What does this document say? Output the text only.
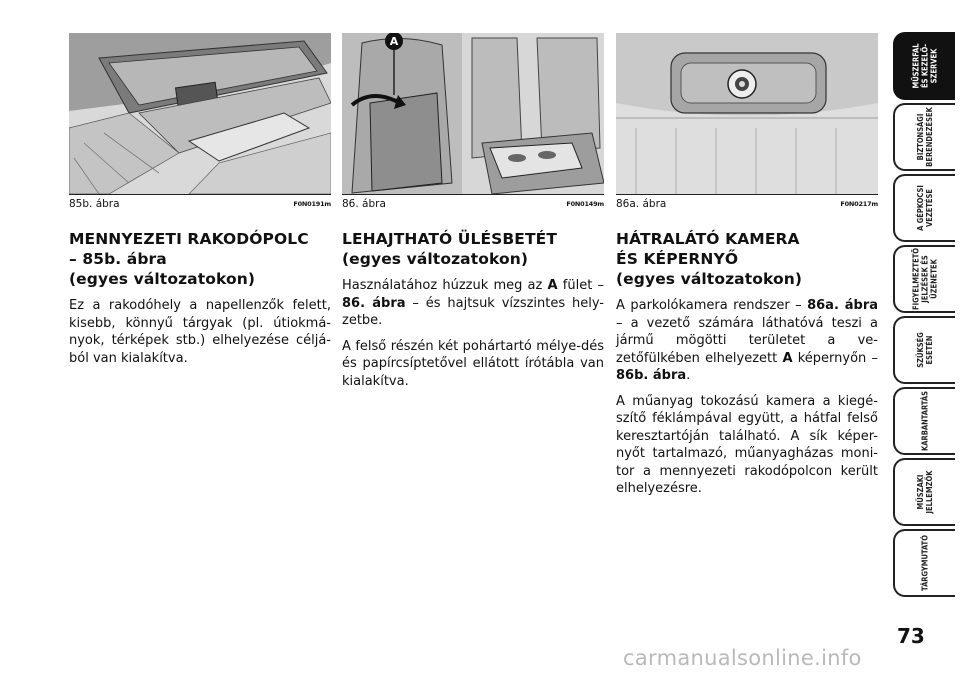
85b. ábra	F0N0191m
A
86. ábra	F0N0149m 86a. ábra	F0N0217m
MENNYEZETI RAKODÓPOLC
– 85b. ábra
(egyes változatokon)

Ez a rakodóhely a napellenzők felett, kisebb, könnyű tárgyak (pl. útiokmá-nyok, térképek stb.) elhelyezése céljá-ból van kialakítva.

LEHAJTHATÓ ÜLÉSBETÉT
(egyes változatokon)

Használatához húzzuk meg az A fület – 86. ábra – és hajtsuk vízszintes hely-zetbe.

A felső részén két pohártartó mélye-dés és papírcsíptetővel ellátott írótábla van kialakítva.

HÁTRALÁTÓ KAMERA
ÉS KÉPERNYŐ
(egyes változatokon)

A parkolókamera rendszer – 86a. ábra – a vezető számára láthatóvá teszi a jármű mögötti területet a ve-zetőfülkében elhelyezett A képernyőn – 86b. ábra.

A műanyag tokozású kamera a kiegé-szítő féklámpával együtt, a hátfal felső keresztartóján található. A sík képer-nyőt tartalmazó, műanyagházas moni-tor a mennyezeti rakodópolcon került elhelyezésre.

MŰSZERFAL
ÉS KEZELŐ-
SZERVEK
BIZTONSÁGI
BERENDEZÉSEK
A GÉPKOCSI
VEZETÉSE
FIGYELMEZTETŐ
JELZÉSEK ÉS
ÜZENETEK
SZÜKSÉG
ESETÉN
KARBANTARTÁS
MŰSZAKI
JELLEMZŐK
TÁRGYMUTATÓ
73
carmanualsonline.info
